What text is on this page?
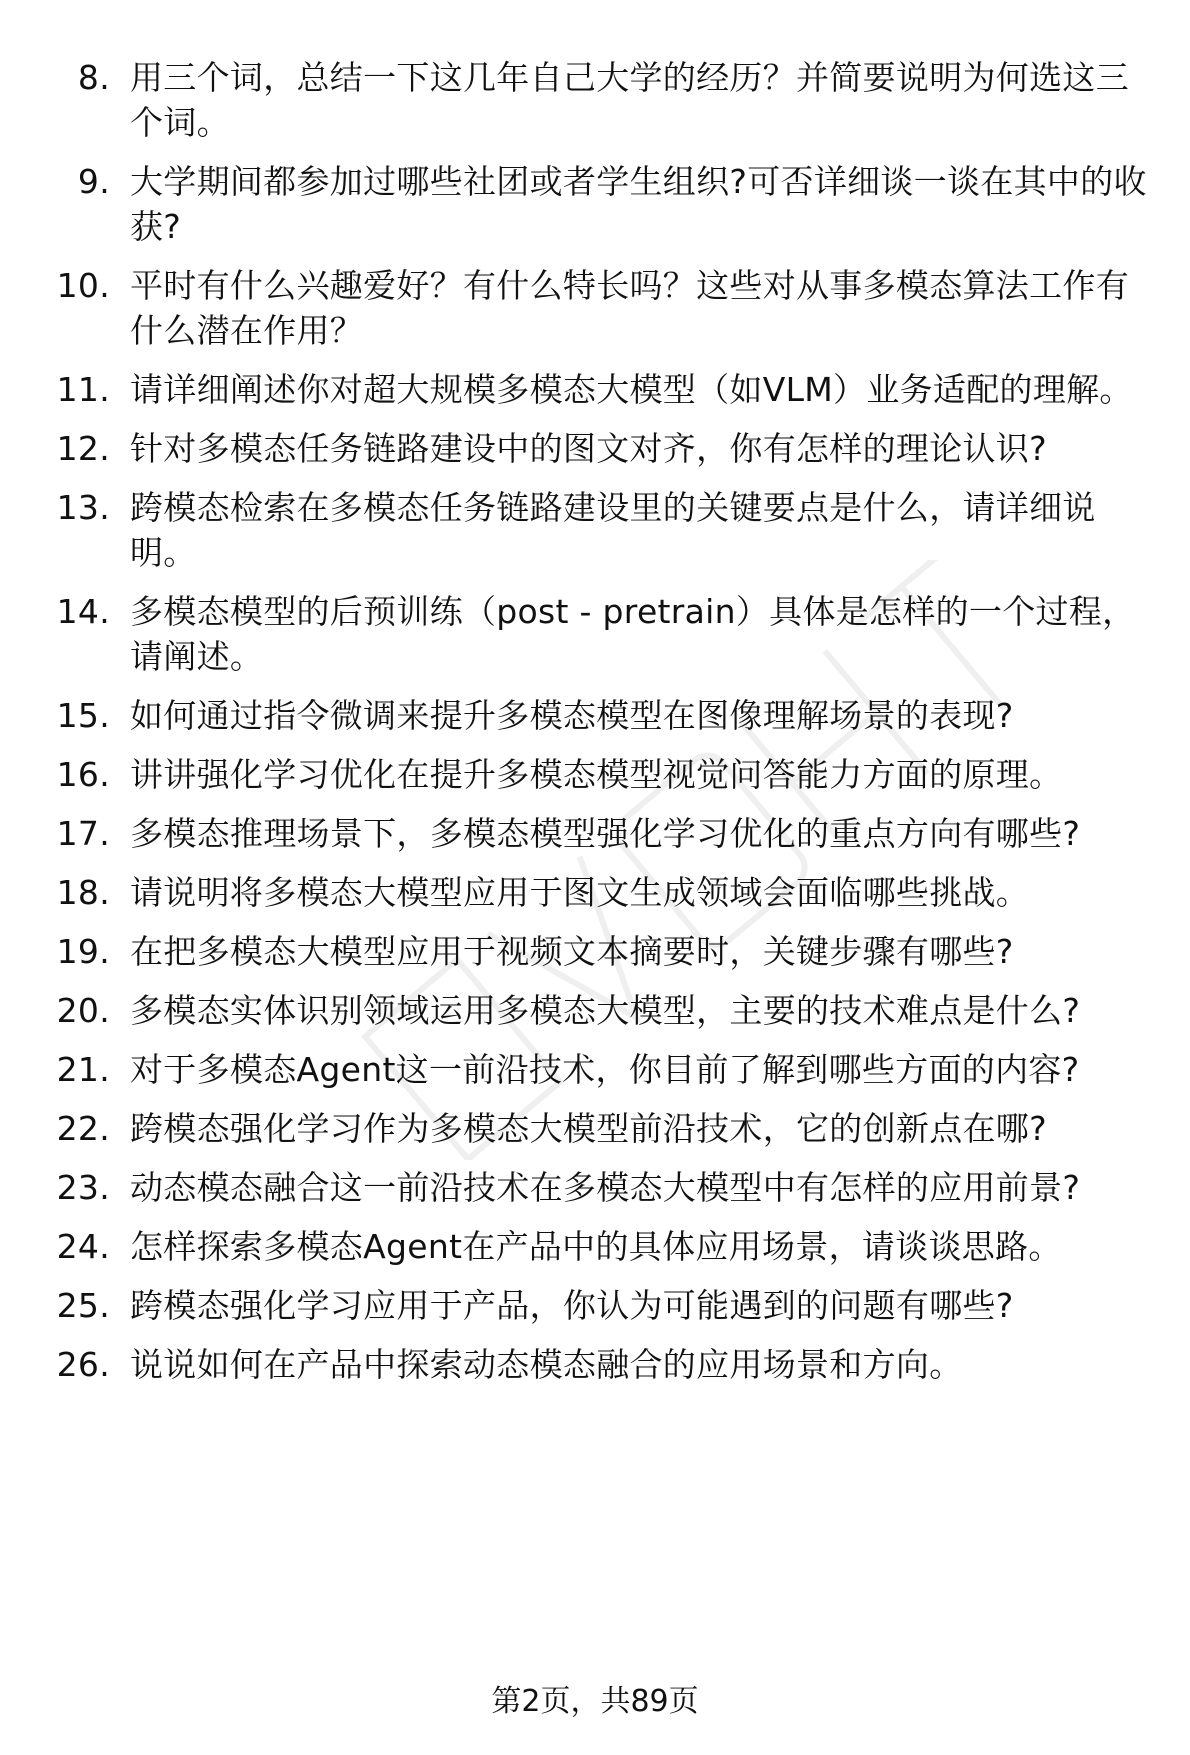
8. 用三个词，总结一下这几年自己大学的经历？并简要说明为何选这三个词。
9. 大学期间都参加过哪些社团或者学生组织?可否详细谈一谈在其中的收获?
10. 平时有什么兴趣爱好？有什么特长吗？这些对从事多模态算法工作有什么潜在作用？
11. 请详细阐述你对超大规模多模态大模型（如VLM）业务适配的理解。
12. 针对多模态任务链路建设中的图文对齐，你有怎样的理论认识?
13. 跨模态检索在多模态任务链路建设里的关键要点是什么，请详细说明。
14. 多模态模型的后预训练（post - pretrain）具体是怎样的一个过程，请阐述。
15. 如何通过指令微调来提升多模态模型在图像理解场景的表现?
16. 讲讲强化学习优化在提升多模态模型视觉问答能力方面的原理。
17. 多模态推理场景下，多模态模型强化学习优化的重点方向有哪些?
18. 请说明将多模态大模型应用于图文生成领域会面临哪些挑战。
19. 在把多模态大模型应用于视频文本摘要时，关键步骤有哪些?
20. 多模态实体识别领域运用多模态大模型，主要的技术难点是什么?
21. 对于多模态Agent这一前沿技术，你目前了解到哪些方面的内容?
22. 跨模态强化学习作为多模态大模型前沿技术，它的创新点在哪?
23. 动态模态融合这一前沿技术在多模态大模型中有怎样的应用前景?
24. 怎样探索多模态Agent在产品中的具体应用场景，请谈谈思路。
25. 跨模态强化学习应用于产品，你认为可能遇到的问题有哪些?
26. 说说如何在产品中探索动态模态融合的应用场景和方向。
第2页，共89页
